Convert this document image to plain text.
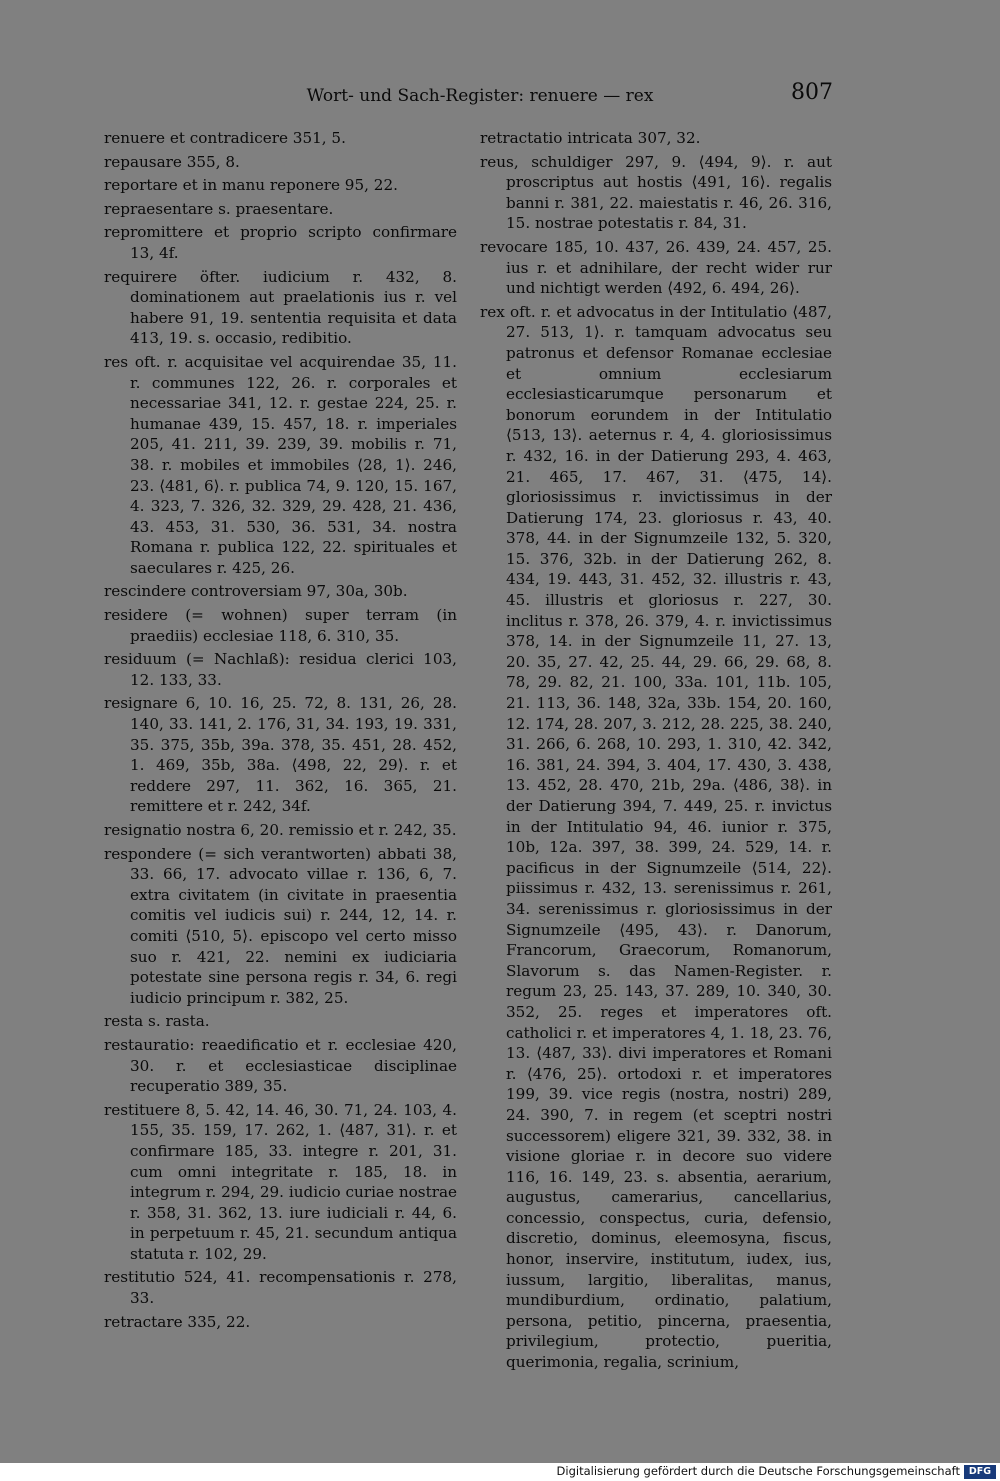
Wort- und Sach-Register: renuere — rex	807

renuere et contradicere 351, 5.

repausare 355, 8.

reportare et in manu reponere 95, 22.

repraesentare s. praesentare.

repromittere et proprio scripto confirmare 13, 4f.

requirere öfter. iudicium r. 432, 8. dominationem aut praelationis ius r. vel habere 91, 19. sententia requisita et data 413, 19. s. occasio, redibitio.

res oft. r. acquisitae vel acquirendae 35, 11. r. communes 122, 26. r. corporales et necessariae 341, 12. r. gestae 224, 25. r. humanae 439, 15. 457, 18. r. imperiales 205, 41. 211, 39. 239, 39. mobilis r. 71, 38. r. mobiles et immobiles ⟨28, 1⟩. 246, 23. ⟨481, 6⟩. r. publica 74, 9. 120, 15. 167, 4. 323, 7. 326, 32. 329, 29. 428, 21. 436, 43. 453, 31. 530, 36. 531, 34. nostra Romana r. publica 122, 22. spirituales et saeculares r. 425, 26.

rescindere controversiam 97, 30a, 30b.

residere (= wohnen) super terram (in praediis) ecclesiae 118, 6. 310, 35.

residuum (= Nachlaß): residua clerici 103, 12. 133, 33.

resignare 6, 10. 16, 25. 72, 8. 131, 26, 28. 140, 33. 141, 2. 176, 31, 34. 193, 19. 331, 35. 375, 35b, 39a. 378, 35. 451, 28. 452, 1. 469, 35b, 38a. ⟨498, 22, 29⟩. r. et reddere 297, 11. 362, 16. 365, 21. remittere et r. 242, 34f.

resignatio nostra 6, 20. remissio et r. 242, 35.

respondere (= sich verantworten) abbati 38, 33. 66, 17. advocato villae r. 136, 6, 7. extra civitatem (in civitate in praesentia comitis vel iudicis sui) r. 244, 12, 14. r. comiti ⟨510, 5⟩. episcopo vel certo misso suo r. 421, 22. nemini ex iudiciaria potestate sine persona regis r. 34, 6. regi iudicio principum r. 382, 25.

resta s. rasta.

restauratio: reaedificatio et r. ecclesiae 420, 30. r. et ecclesiasticae disciplinae recuperatio 389, 35.

restituere 8, 5. 42, 14. 46, 30. 71, 24. 103, 4. 155, 35. 159, 17. 262, 1. ⟨487, 31⟩. r. et confirmare 185, 33. integre r. 201, 31. cum omni integritate r. 185, 18. in integrum r. 294, 29. iudicio curiae nostrae r. 358, 31. 362, 13. iure iudiciali r. 44, 6. in perpetuum r. 45, 21. secundum antiqua statuta r. 102, 29.

restitutio 524, 41. recompensationis r. 278, 33.

retractare 335, 22.

retractatio intricata 307, 32.

reus, schuldiger 297, 9. ⟨494, 9⟩. r. aut proscriptus aut hostis ⟨491, 16⟩. regalis banni r. 381, 22. maiestatis r. 46, 26. 316, 15. nostrae potestatis r. 84, 31.

revocare 185, 10. 437, 26. 439, 24. 457, 25. ius r. et adnihilare, der recht wider rur und nichtigt werden ⟨492, 6. 494, 26⟩.

rex oft. r. et advocatus in der Intitulatio ⟨487, 27. 513, 1⟩. r. tamquam advocatus seu patronus et defensor Romanae ecclesiae et omnium ecclesiarum ecclesiasticarumque personarum et bonorum eorundem in der Intitulatio ⟨513, 13⟩. aeternus r. 4, 4. gloriosissimus r. 432, 16. in der Datierung 293, 4. 463, 21. 465, 17. 467, 31. ⟨475, 14⟩. gloriosissimus r. invictissimus in der Datierung 174, 23. gloriosus r. 43, 40. 378, 44. in der Signumzeile 132, 5. 320, 15. 376, 32b. in der Datierung 262, 8. 434, 19. 443, 31. 452, 32. illustris r. 43, 45. illustris et gloriosus r. 227, 30. inclitus r. 378, 26. 379, 4. r. invictissimus 378, 14. in der Signumzeile 11, 27. 13, 20. 35, 27. 42, 25. 44, 29. 66, 29. 68, 8. 78, 29. 82, 21. 100, 33a. 101, 11b. 105, 21. 113, 36. 148, 32a, 33b. 154, 20. 160, 12. 174, 28. 207, 3. 212, 28. 225, 38. 240, 31. 266, 6. 268, 10. 293, 1. 310, 42. 342, 16. 381, 24. 394, 3. 404, 17. 430, 3. 438, 13. 452, 28. 470, 21b, 29a. ⟨486, 38⟩. in der Datierung 394, 7. 449, 25. r. invictus in der Intitulatio 94, 46. iunior r. 375, 10b, 12a. 397, 38. 399, 24. 529, 14. r. pacificus in der Signumzeile ⟨514, 22⟩. piissimus r. 432, 13. serenissimus r. 261, 34. serenissimus r. gloriosissimus in der Signumzeile ⟨495, 43⟩. r. Danorum, Francorum, Graecorum, Romanorum, Slavorum s. das Namen-Register. r. regum 23, 25. 143, 37. 289, 10. 340, 30. 352, 25. reges et imperatores oft. catholici r. et imperatores 4, 1. 18, 23. 76, 13. ⟨487, 33⟩. divi imperatores et Romani r. ⟨476, 25⟩. ortodoxi r. et imperatores 199, 39. vice regis (nostra, nostri) 289, 24. 390, 7. in regem (et sceptri nostri successorem) eligere 321, 39. 332, 38. in visione gloriae r. in decore suo videre 116, 16. 149, 23. s. absentia, aerarium, augustus, camerarius, cancellarius, concessio, conspectus, curia, defensio, discretio, dominus, eleemosyna, fiscus, honor, inservire, institutum, iudex, ius, iussum, largitio, liberalitas, manus, mundiburdium, ordinatio, palatium, persona, petitio, pincerna, praesentia, privilegium, protectio, pueritia, querimonia, regalia, scrinium,

Digitalisierung gefördert durch die Deutsche Forschungsgemeinschaft DFG
